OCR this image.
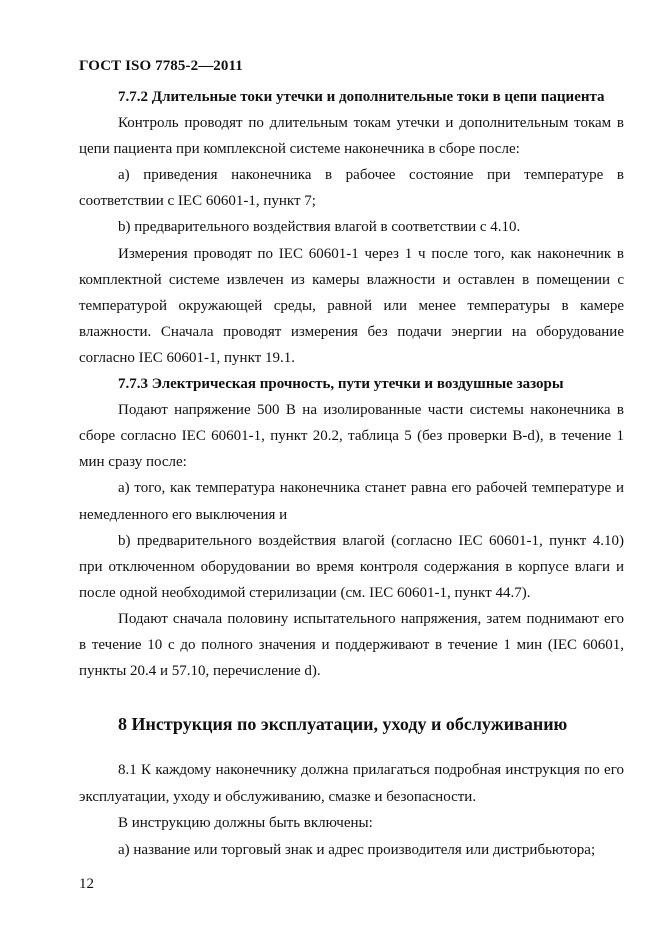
ГОСТ ISO 7785-2—2011

7.7.2 Длительные токи утечки и дополнительные токи в цепи пациента

Контроль проводят по длительным токам утечки и дополнительным токам в цепи пациента при комплексной системе наконечника в сборе после:

а) приведения наконечника в рабочее состояние при температуре в соответствии с IEC 60601-1, пункт 7;

b) предварительного воздействия влагой в соответствии с 4.10.

Измерения проводят по IEC 60601-1 через 1 ч после того, как наконечник в комплектной системе извлечен из камеры влажности и оставлен в помещении с температурой окружающей среды, равной или менее температуры в камере влажности. Сначала проводят измерения без подачи энергии на оборудование согласно IEC 60601-1, пункт 19.1.

7.7.3 Электрическая прочность, пути утечки и воздушные зазоры

Подают напряжение 500 В на изолированные части системы наконечника в сборе согласно IEC 60601-1, пункт 20.2, таблица 5 (без проверки B-d), в течение 1 мин сразу после:

а) того, как температура наконечника станет равна его рабочей температуре и немедленного его выключения и

b) предварительного воздействия влагой (согласно IEC 60601-1, пункт 4.10) при отключенном оборудовании во время контроля содержания в корпусе влаги и после одной необходимой стерилизации (см. IEC 60601-1, пункт 44.7).

Подают сначала половину испытательного напряжения, затем поднимают его в течение 10 с до полного значения и поддерживают в течение 1 мин (IEC 60601, пункты 20.4 и 57.10, перечисление d).

8 Инструкция по эксплуатации, уходу и обслуживанию

8.1 К каждому наконечнику должна прилагаться подробная инструкция по его эксплуатации, уходу и обслуживанию, смазке и безопасности.

В инструкцию должны быть включены:

а) название или торговый знак и адрес производителя или дистрибьютора;

12
